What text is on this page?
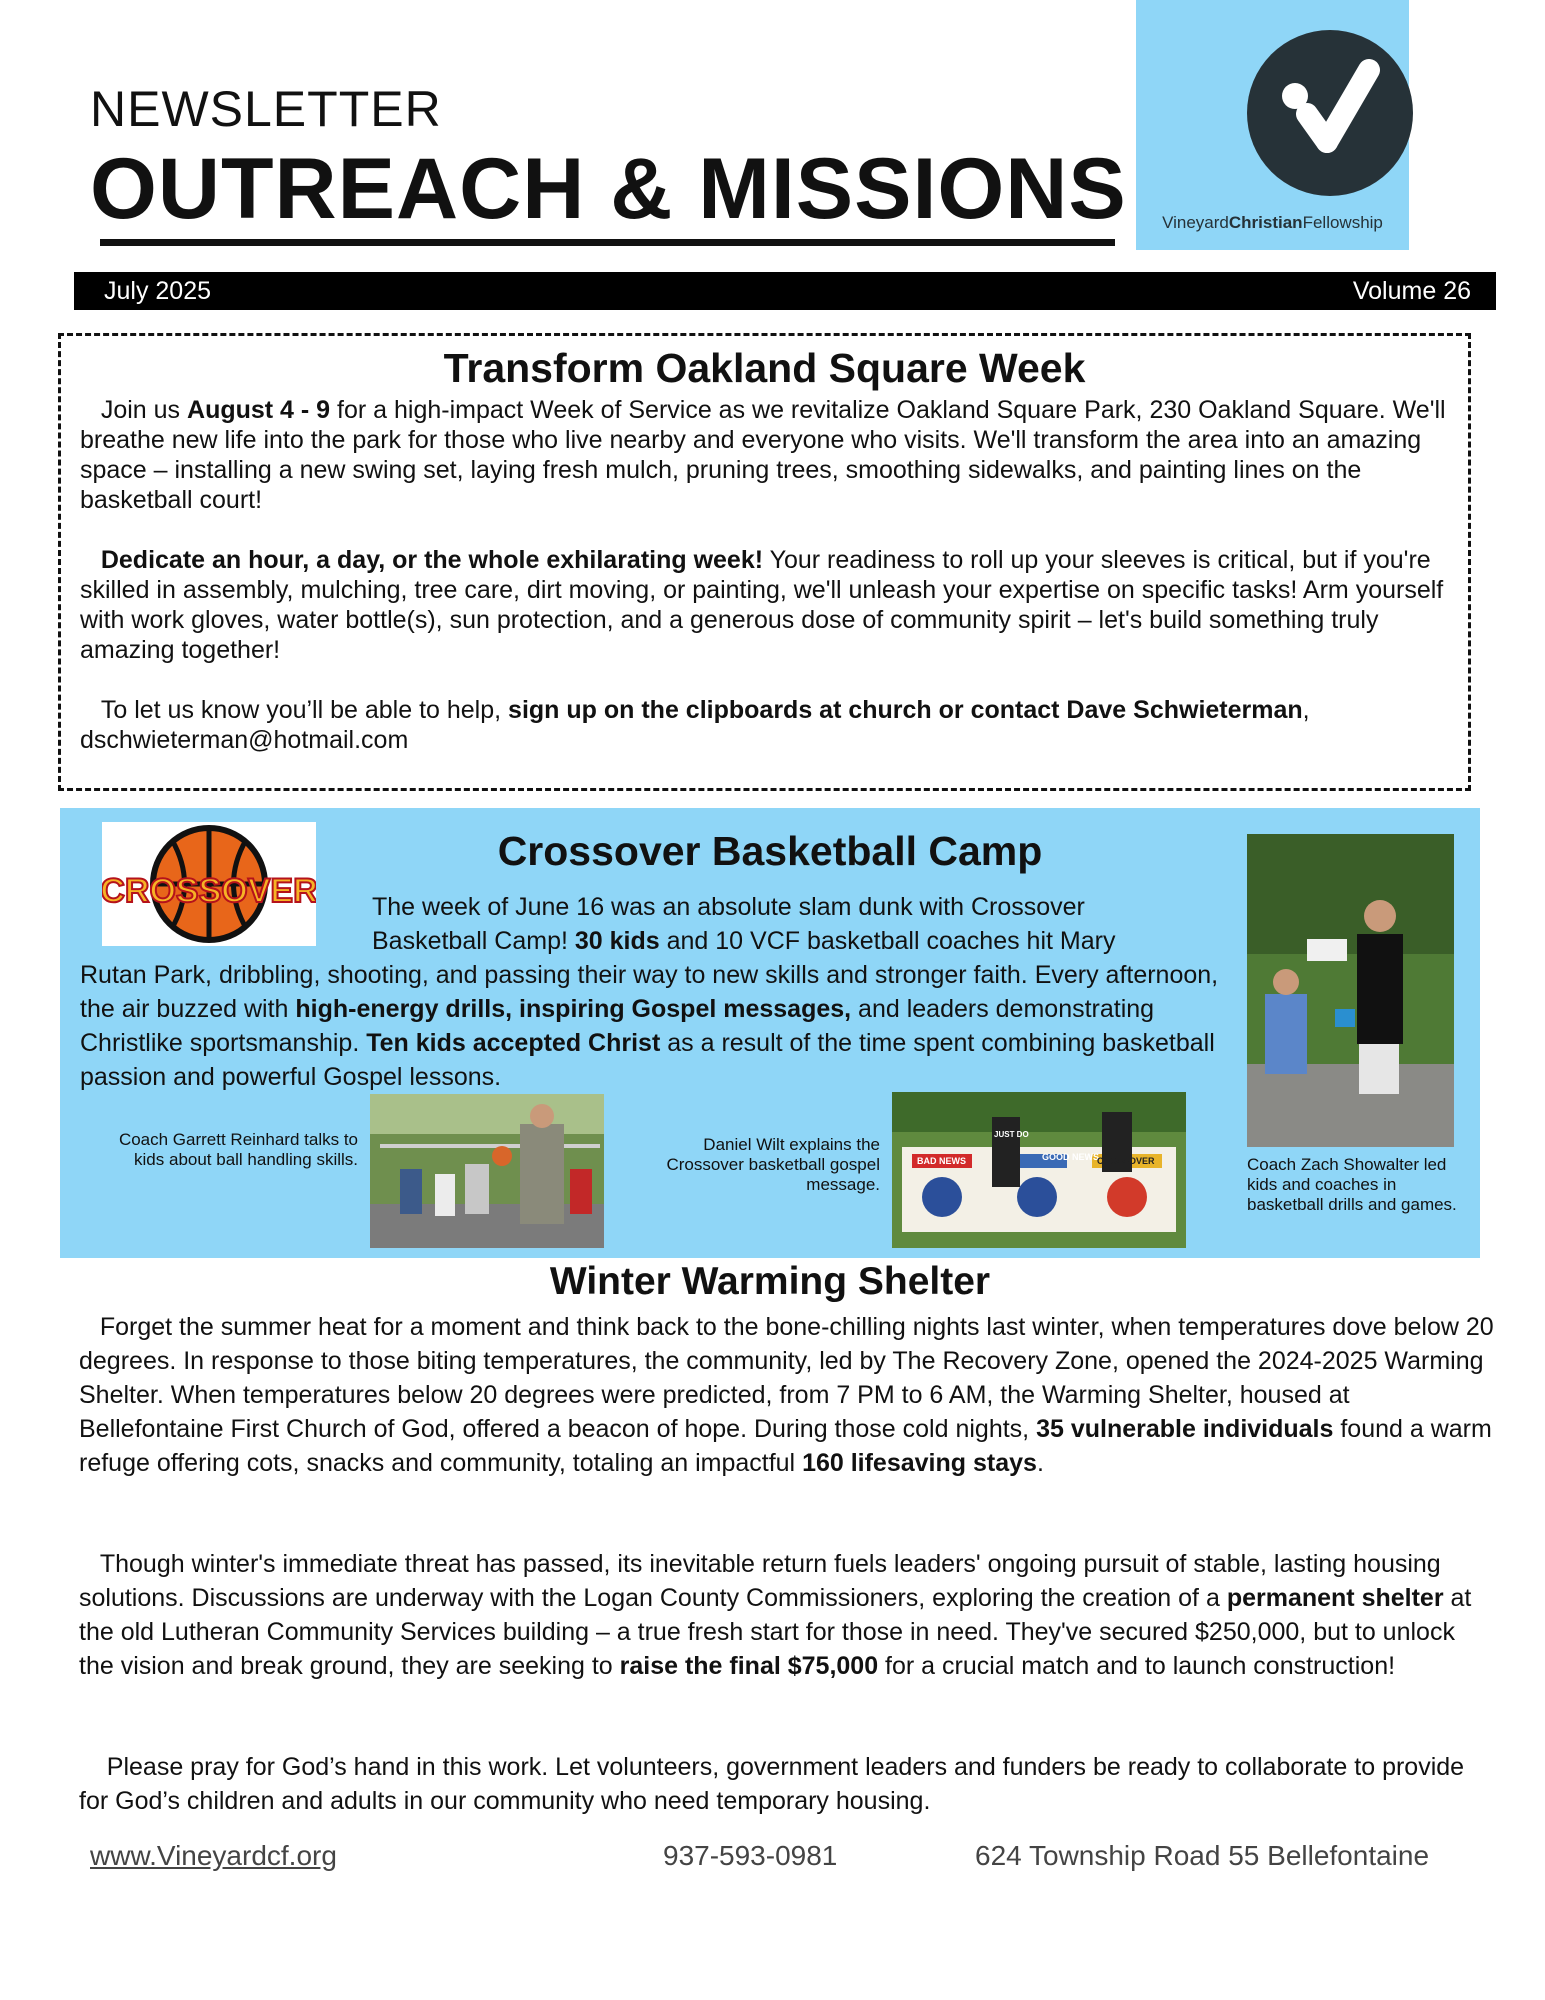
NEWSLETTER
OUTREACH & MISSIONS	VineyardChristianFellowship
July 2025	Volume 26
Transform Oakland Square Week
Join us August 4 - 9 for a high-impact Week of Service as we revitalize Oakland Square Park, 230 Oakland Square. We'll breathe new life into the park for those who live nearby and everyone who visits. We'll transform the area into an amazing space – installing a new swing set, laying fresh mulch, pruning trees, smoothing sidewalks, and painting lines on the basketball court!
Dedicate an hour, a day, or the whole exhilarating week! Your readiness to roll up your sleeves is critical, but if you're skilled in assembly, mulching, tree care, dirt moving, or painting, we'll unleash your expertise on specific tasks! Arm yourself with work gloves, water bottle(s), sun protection, and a generous dose of community spirit – let's build something truly amazing together!
To let us know you’ll be able to help, sign up on the clipboards at church or contact Dave Schwieterman, dschwieterman@hotmail.com
CROSSOVER
Crossover Basketball Camp
The week of June 16 was an absolute slam dunk with Crossover
Basketball Camp! 30 kids and 10 VCF basketball coaches hit Mary
Rutan Park, dribbling, shooting, and passing their way to new skills and stronger faith. Every afternoon, the air buzzed with high-energy drills, inspiring Gospel messages, and leaders demonstrating Christlike sportsmanship. Ten kids accepted Christ as a result of the time spent combining basketball passion and powerful Gospel lessons.
Coach Garrett Reinhard talks to kids about ball handling skills.	GOOD NEWS
BAD NEWS	CROSSOVER
JUST DO
Daniel Wilt explains the Crossover basketball gospel message.
Coach Zach Showalter led kids and coaches in basketball drills and games.
Winter Warming Shelter
Forget the summer heat for a moment and think back to the bone-chilling nights last winter, when temperatures dove below 20 degrees. In response to those biting temperatures, the community, led by The Recovery Zone, opened the 2024-2025 Warming Shelter. When temperatures below 20 degrees were predicted, from 7 PM to 6 AM, the Warming Shelter, housed at Bellefontaine First Church of God, offered a beacon of hope. During those cold nights, 35 vulnerable individuals found a warm refuge offering cots, snacks and community, totaling an impactful 160 lifesaving stays.
Though winter's immediate threat has passed, its inevitable return fuels leaders' ongoing pursuit of stable, lasting housing solutions. Discussions are underway with the Logan County Commissioners, exploring the creation of a permanent shelter at the old Lutheran Community Services building – a true fresh start for those in need. They've secured $250,000, but to unlock the vision and break ground, they are seeking to raise the final $75,000 for a crucial match and to launch construction!
Please pray for God’s hand in this work. Let volunteers, government leaders and funders be ready to collaborate to provide for God’s children and adults in our community who need temporary housing.
www.Vineyardcf.org	937-593-0981	624 Township Road 55 Bellefontaine
